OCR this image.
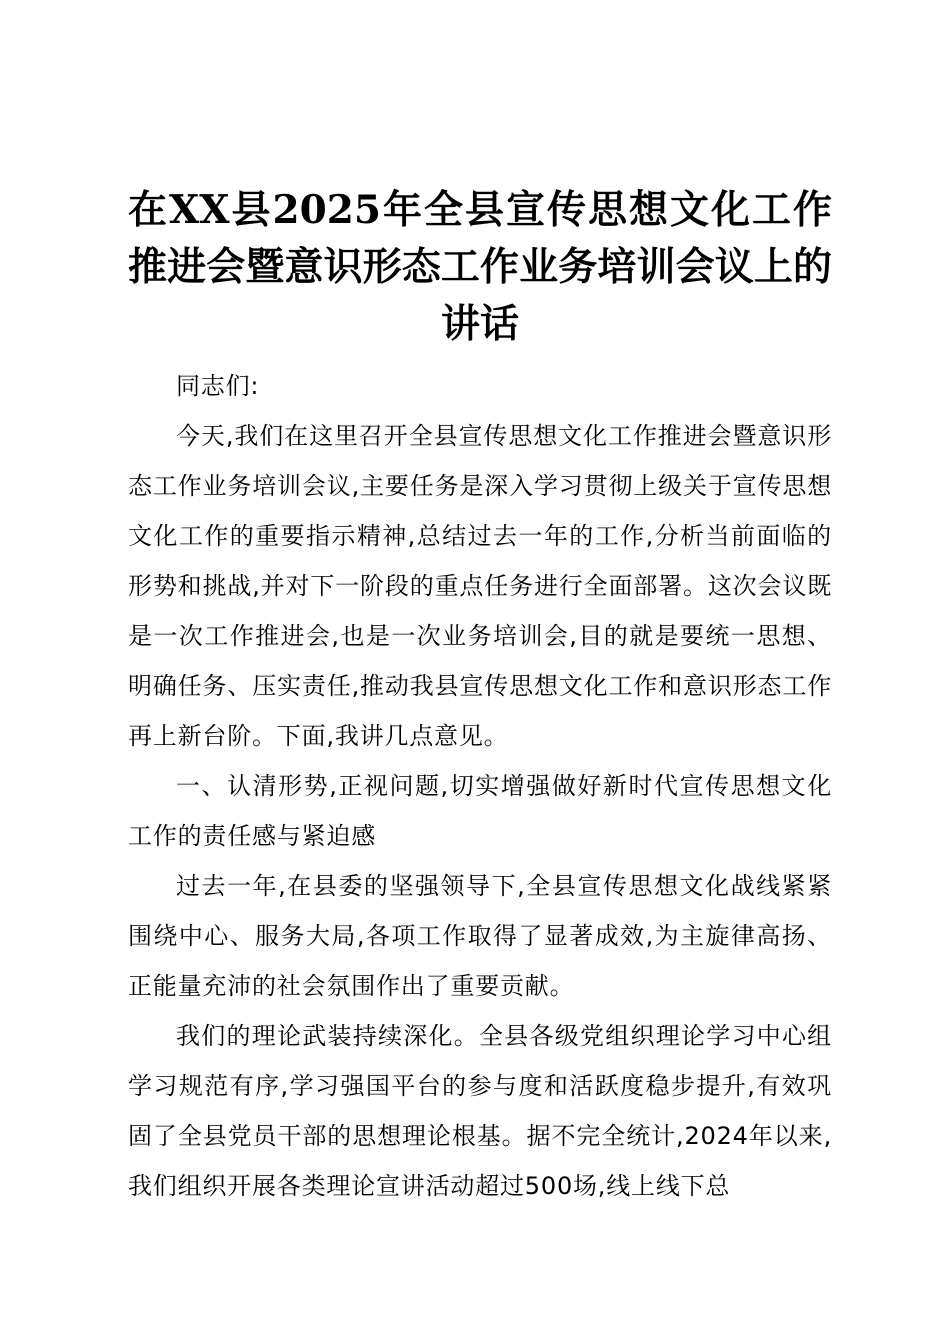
在XX县2025年全县宣传思想文化工作推进会暨意识形态工作业务培训会议上的讲话

同志们:

今天,我们在这里召开全县宣传思想文化工作推进会暨意识形态工作业务培训会议,主要任务是深入学习贯彻上级关于宣传思想文化工作的重要指示精神,总结过去一年的工作,分析当前面临的形势和挑战,并对下一阶段的重点任务进行全面部署。这次会议既是一次工作推进会,也是一次业务培训会,目的就是要统一思想、明确任务、压实责任,推动我县宣传思想文化工作和意识形态工作再上新台阶。下面,我讲几点意见。

一、认清形势,正视问题,切实增强做好新时代宣传思想文化工作的责任感与紧迫感

过去一年,在县委的坚强领导下,全县宣传思想文化战线紧紧围绕中心、服务大局,各项工作取得了显著成效,为主旋律高扬、正能量充沛的社会氛围作出了重要贡献。

我们的理论武装持续深化。全县各级党组织理论学习中心组学习规范有序,学习强国平台的参与度和活跃度稳步提升,有效巩固了全县党员干部的思想理论根基。据不完全统计,2024年以来,我们组织开展各类理论宣讲活动超过500场,线上线下总
